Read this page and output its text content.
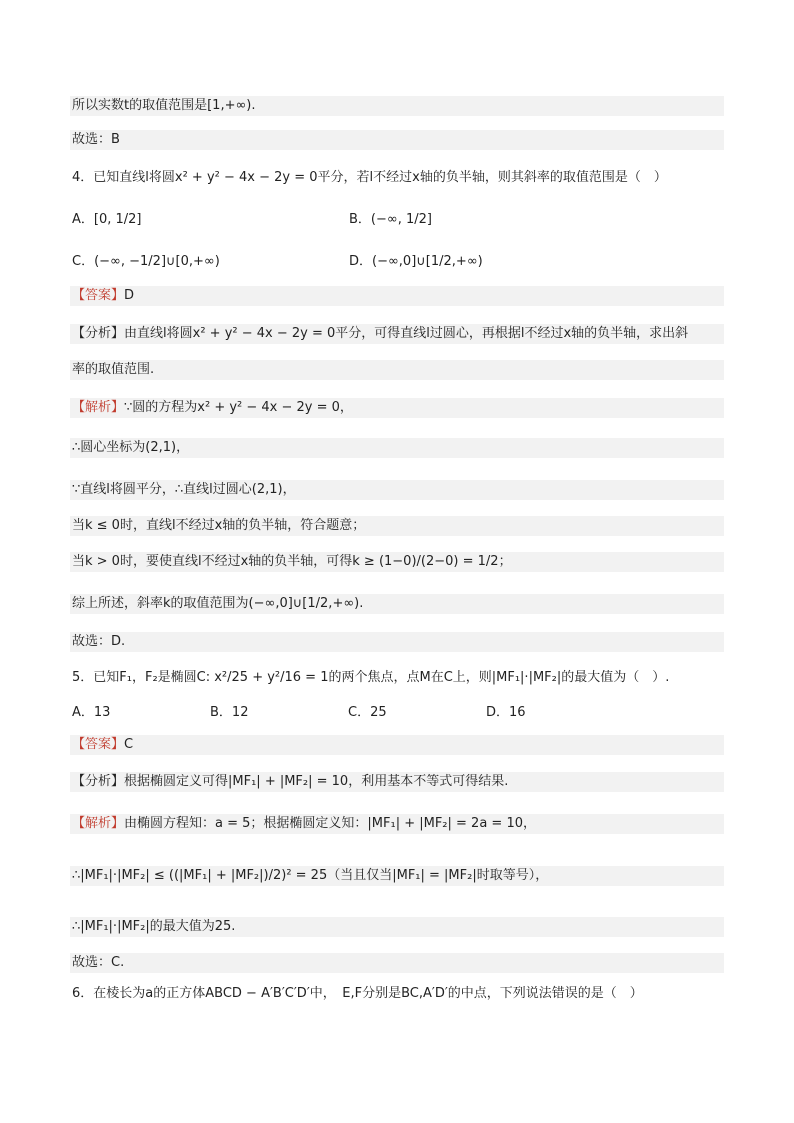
所以实数t的取值范围是[1,+∞).
故选：B
4．已知直线l将圆x² + y² − 4x − 2y = 0平分，若l不经过x轴的负半轴，则其斜率的取值范围是（　）
A．[0, 1/2]	B．(−∞, 1/2]
C．(−∞, −1/2]∪[0,+∞)	D．(−∞,0]∪[1/2,+∞)
【答案】D
【分析】由直线l将圆x² + y² − 4x − 2y = 0平分，可得直线l过圆心，再根据l不经过x轴的负半轴，求出斜
率的取值范围.
【解析】∵圆的方程为x² + y² − 4x − 2y = 0，
∴圆心坐标为(2,1)，
∵直线l将圆平分，∴直线l过圆心(2,1)，
当k ≤ 0时，直线l不经过x轴的负半轴，符合题意；
当k > 0时，要使直线l不经过x轴的负半轴，可得k ≥ (1−0)/(2−0) = 1/2；
综上所述，斜率k的取值范围为(−∞,0]∪[1/2,+∞).
故选：D.
5．已知F₁，F₂是椭圆C: x²/25 + y²/16 = 1的两个焦点，点M在C上，则|MF₁|·|MF₂|的最大值为（　）.
A．13	B．12	C．25	D．16
【答案】C
【分析】根据椭圆定义可得|MF₁| + |MF₂| = 10，利用基本不等式可得结果.
【解析】由椭圆方程知：a = 5；根据椭圆定义知：|MF₁| + |MF₂| = 2a = 10，
∴|MF₁|·|MF₂| ≤ ((|MF₁| + |MF₂|)/2)² = 25（当且仅当|MF₁| = |MF₂|时取等号），
∴|MF₁|·|MF₂|的最大值为25.
故选：C.
6．在棱长为a的正方体ABCD − A′B′C′D′中，　E,F分别是BC,A′D′的中点，下列说法错误的是（　）
